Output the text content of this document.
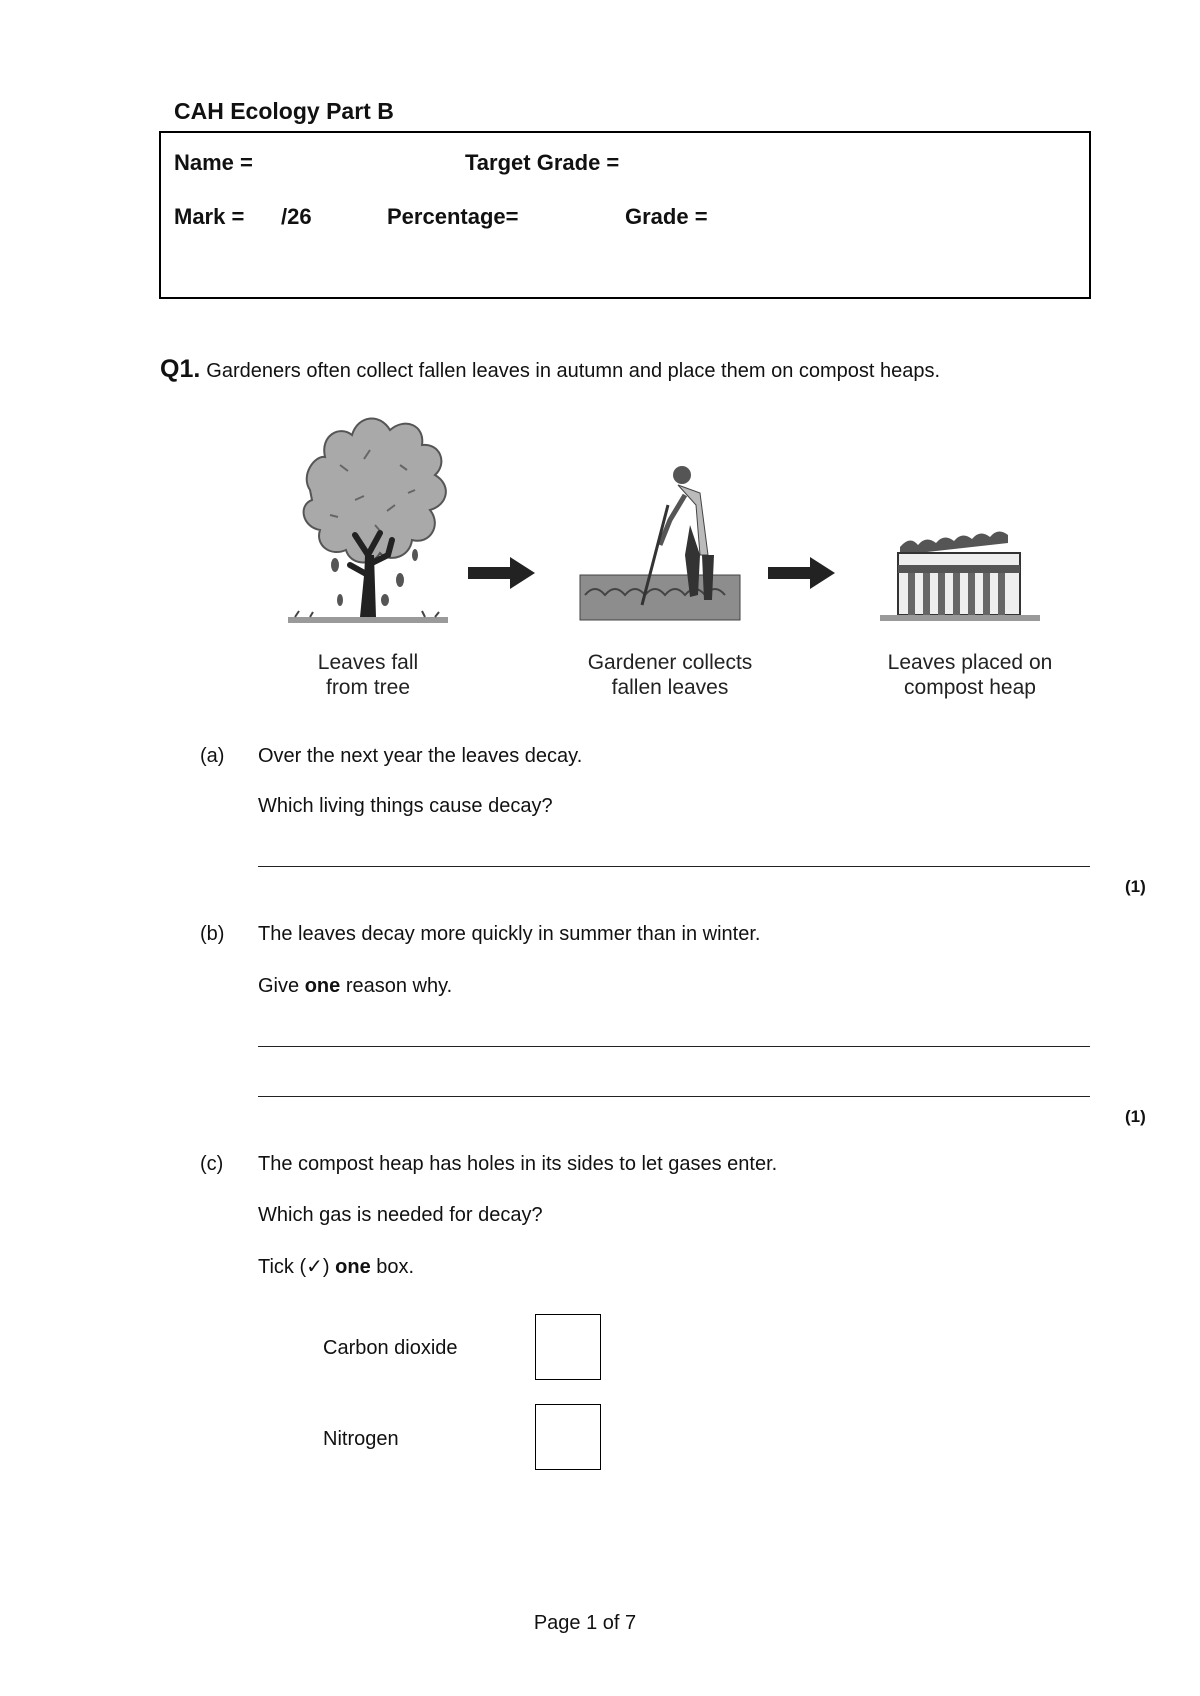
CAH Ecology Part B
Name =	Target Grade =
Mark = /26	Percentage=	Grade =
Q1. Gardeners often collect fallen leaves in autumn and place them on compost heaps.
Leaves fall
from tree
Gardener collects
fallen leaves
Leaves placed on
compost heap
(a) Over the next year the leaves decay.
Which living things cause decay?
(1)
(b) The leaves decay more quickly in summer than in winter.
Give one reason why.
(1)
(c) The compost heap has holes in its sides to let gases enter.
Which gas is needed for decay?
Tick (✓) one box.
Carbon dioxide
Nitrogen
Page 1 of 7
